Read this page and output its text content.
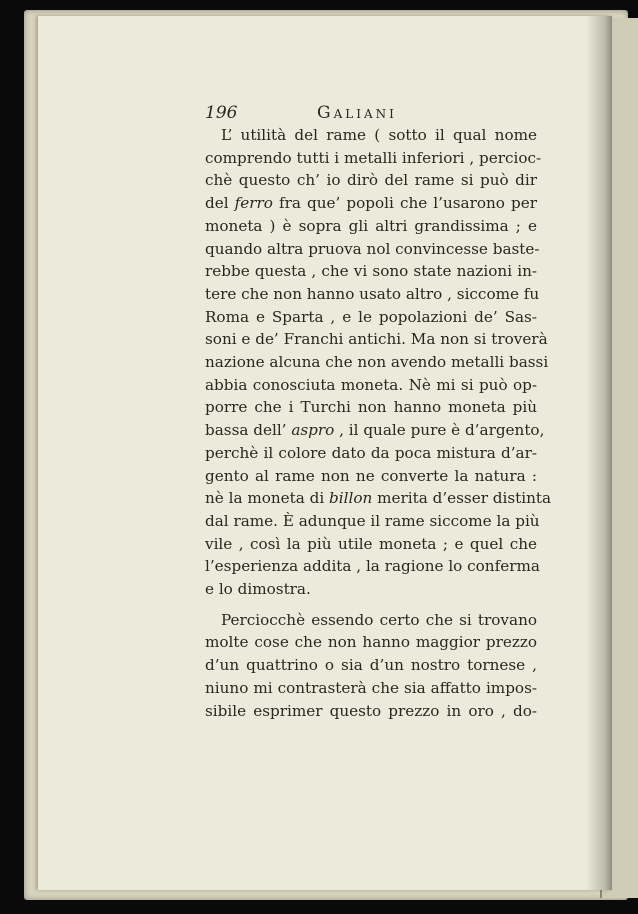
196	Galiani
L’ utilità del rame ( sotto il qual nome
comprendo tutti i metalli inferiori , percioc-
chè questo ch’ io dirò del rame si può dir
del ferro fra que’ popoli che l’usarono per
moneta ) è sopra gli altri grandissima ; e
quando altra pruova nol convincesse baste-
rebbe questa , che vi sono state nazioni in-
tere che non hanno usato altro , siccome fu
Roma e Sparta , e le popolazioni de’ Sas-
soni e de’ Franchi antichi. Ma non si troverà
nazione alcuna che non avendo metalli bassi
abbia conosciuta moneta. Nè mi si può op-
porre che i Turchi non hanno moneta più
bassa dell’ aspro , il quale pure è d’argento,
perchè il colore dato da poca mistura d’ar-
gento al rame non ne converte la natura :
nè la moneta di billon merita d’esser distinta
dal rame. È adunque il rame siccome la più
vile , così la più utile moneta ; e quel che
l’esperienza addita , la ragione lo conferma
e lo dimostra.
Perciocchè essendo certo che si trovano
molte cose che non hanno maggior prezzo
d’un quattrino o sia d’un nostro tornese ,
niuno mi contrasterà che sia affatto impos-
sibile esprimer questo prezzo in oro , do-
